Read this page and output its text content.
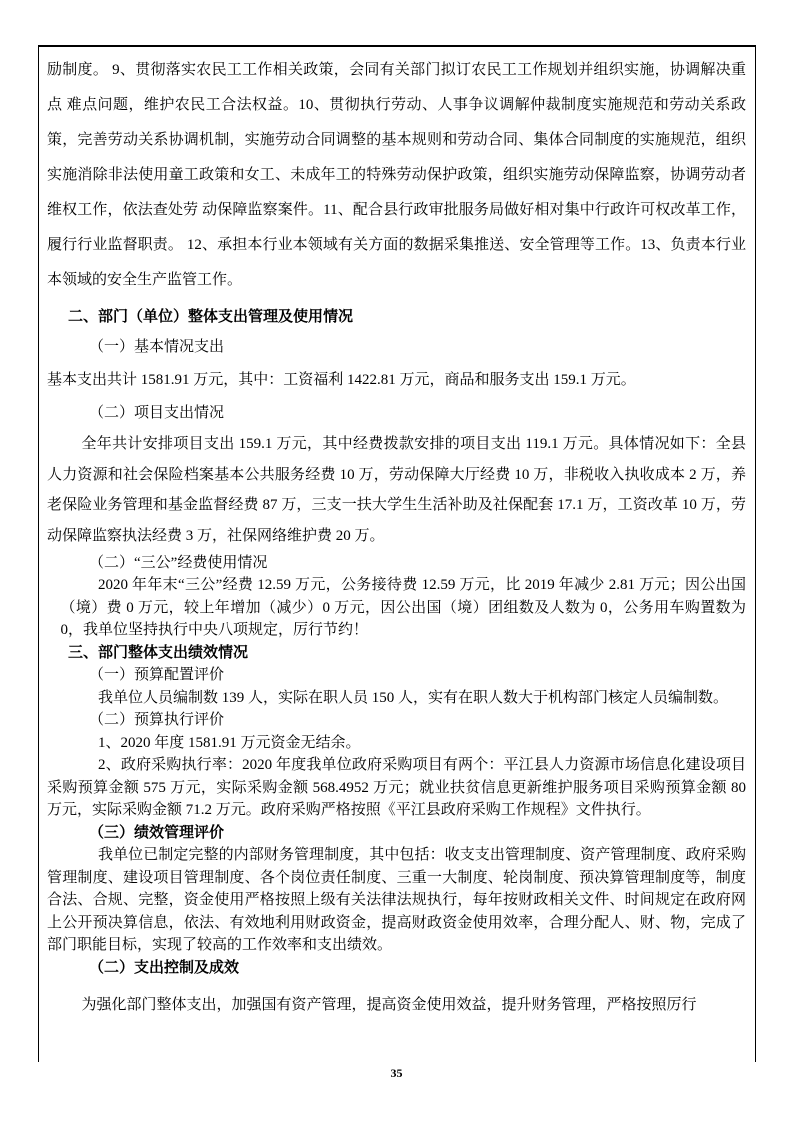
励制度。 9、贯彻落实农民工工作相关政策，会同有关部门拟订农民工工作规划并组织实施，协调解决重点 难点问题，维护农民工合法权益。10、贯彻执行劳动、人事争议调解仲裁制度实施规范和劳动关系政策，完善劳动关系协调机制，实施劳动合同调整的基本规则和劳动合同、集体合同制度的实施规范，组织实施消除非法使用童工政策和女工、未成年工的特殊劳动保护政策，组织实施劳动保障监察，协调劳动者维权工作，依法查处劳 动保障监察案件。11、配合县行政审批服务局做好相对集中行政许可权改革工作，履行行业监督职责。 12、承担本行业本领域有关方面的数据采集推送、安全管理等工作。13、负责本行业本领域的安全生产监管工作。

二、部门（单位）整体支出管理及使用情况

（一）基本情况支出

基本支出共计 1581.91 万元，其中：工资福利 1422.81 万元，商品和服务支出 159.1 万元。

（二）项目支出情况

全年共计安排项目支出 159.1 万元，其中经费拨款安排的项目支出 119.1 万元。具体情况如下：全县人力资源和社会保险档案基本公共服务经费 10 万，劳动保障大厅经费 10 万，非税收入执收成本 2 万，养老保险业务管理和基金监督经费 87 万，三支一扶大学生生活补助及社保配套 17.1 万，工资改革 10 万，劳动保障监察执法经费 3 万，社保网络维护费 20 万。

（二）“三公”经费使用情况

2020 年年末“三公”经费 12.59 万元，公务接待费 12.59 万元，比 2019 年减少 2.81 万元；因公出国（境）费 0 万元，较上年增加（减少）0 万元，因公出国（境）团组数及人数为 0，公务用车购置数为 0，我单位坚持执行中央八项规定，厉行节约！

三、部门整体支出绩效情况

（一）预算配置评价

我单位人员编制数 139 人，实际在职人员 150 人，实有在职人数大于机构部门核定人员编制数。

（二）预算执行评价

1、2020 年度 1581.91 万元资金无结余。

2、政府采购执行率：2020 年度我单位政府采购项目有两个：平江县人力资源市场信息化建设项目采购预算金额 575 万元，实际采购金额 568.4952 万元；就业扶贫信息更新维护服务项目采购预算金额 80 万元，实际采购金额 71.2 万元。政府采购严格按照《平江县政府采购工作规程》文件执行。

（三）绩效管理评价

我单位已制定完整的内部财务管理制度，其中包括：收支支出管理制度、资产管理制度、政府采购管理制度、建设项目管理制度、各个岗位责任制度、三重一大制度、轮岗制度、预决算管理制度等，制度合法、合规、完整，资金使用严格按照上级有关法律法规执行，每年按财政相关文件、时间规定在政府网上公开预决算信息，依法、有效地利用财政资金，提高财政资金使用效率，合理分配人、财、物，完成了部门职能目标，实现了较高的工作效率和支出绩效。

（二）支出控制及成效

为强化部门整体支出，加强国有资产管理，提高资金使用效益，提升财务管理，严格按照厉行

35
